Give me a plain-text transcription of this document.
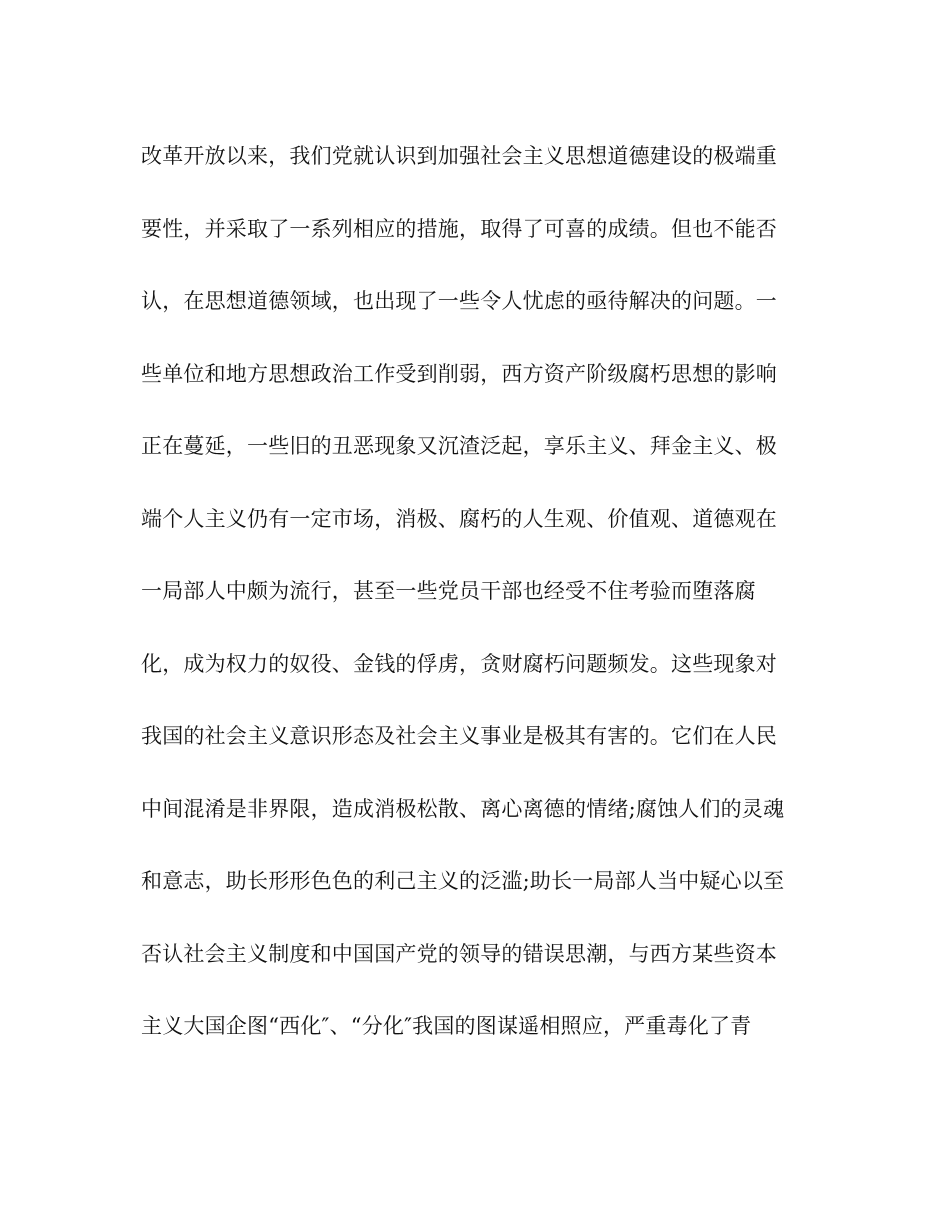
改革开放以来，我们党就认识到加强社会主义思想道德建设的极端重
要性，并采取了一系列相应的措施，取得了可喜的成绩。但也不能否
认，在思想道德领域，也出现了一些令人忧虑的亟待解决的问题。一
些单位和地方思想政治工作受到削弱，西方资产阶级腐朽思想的影响
正在蔓延，一些旧的丑恶现象又沉渣泛起，享乐主义、拜金主义、极
端个人主义仍有一定市场，消极、腐朽的人生观、价值观、道德观在
一局部人中颇为流行，甚至一些党员干部也经受不住考验而堕落腐
化，成为权力的奴役、金钱的俘虏，贪财腐朽问题频发。这些现象对
我国的社会主义意识形态及社会主义事业是极其有害的。它们在人民
中间混淆是非界限，造成消极松散、离心离德的情绪;腐蚀人们的灵魂
和意志，助长形形色色的利己主义的泛滥;助长一局部人当中疑心以至
否认社会主义制度和中国国产党的领导的错误思潮，与西方某些资本
主义大国企图“西化″、“分化″我国的图谋遥相照应，严重毒化了青
